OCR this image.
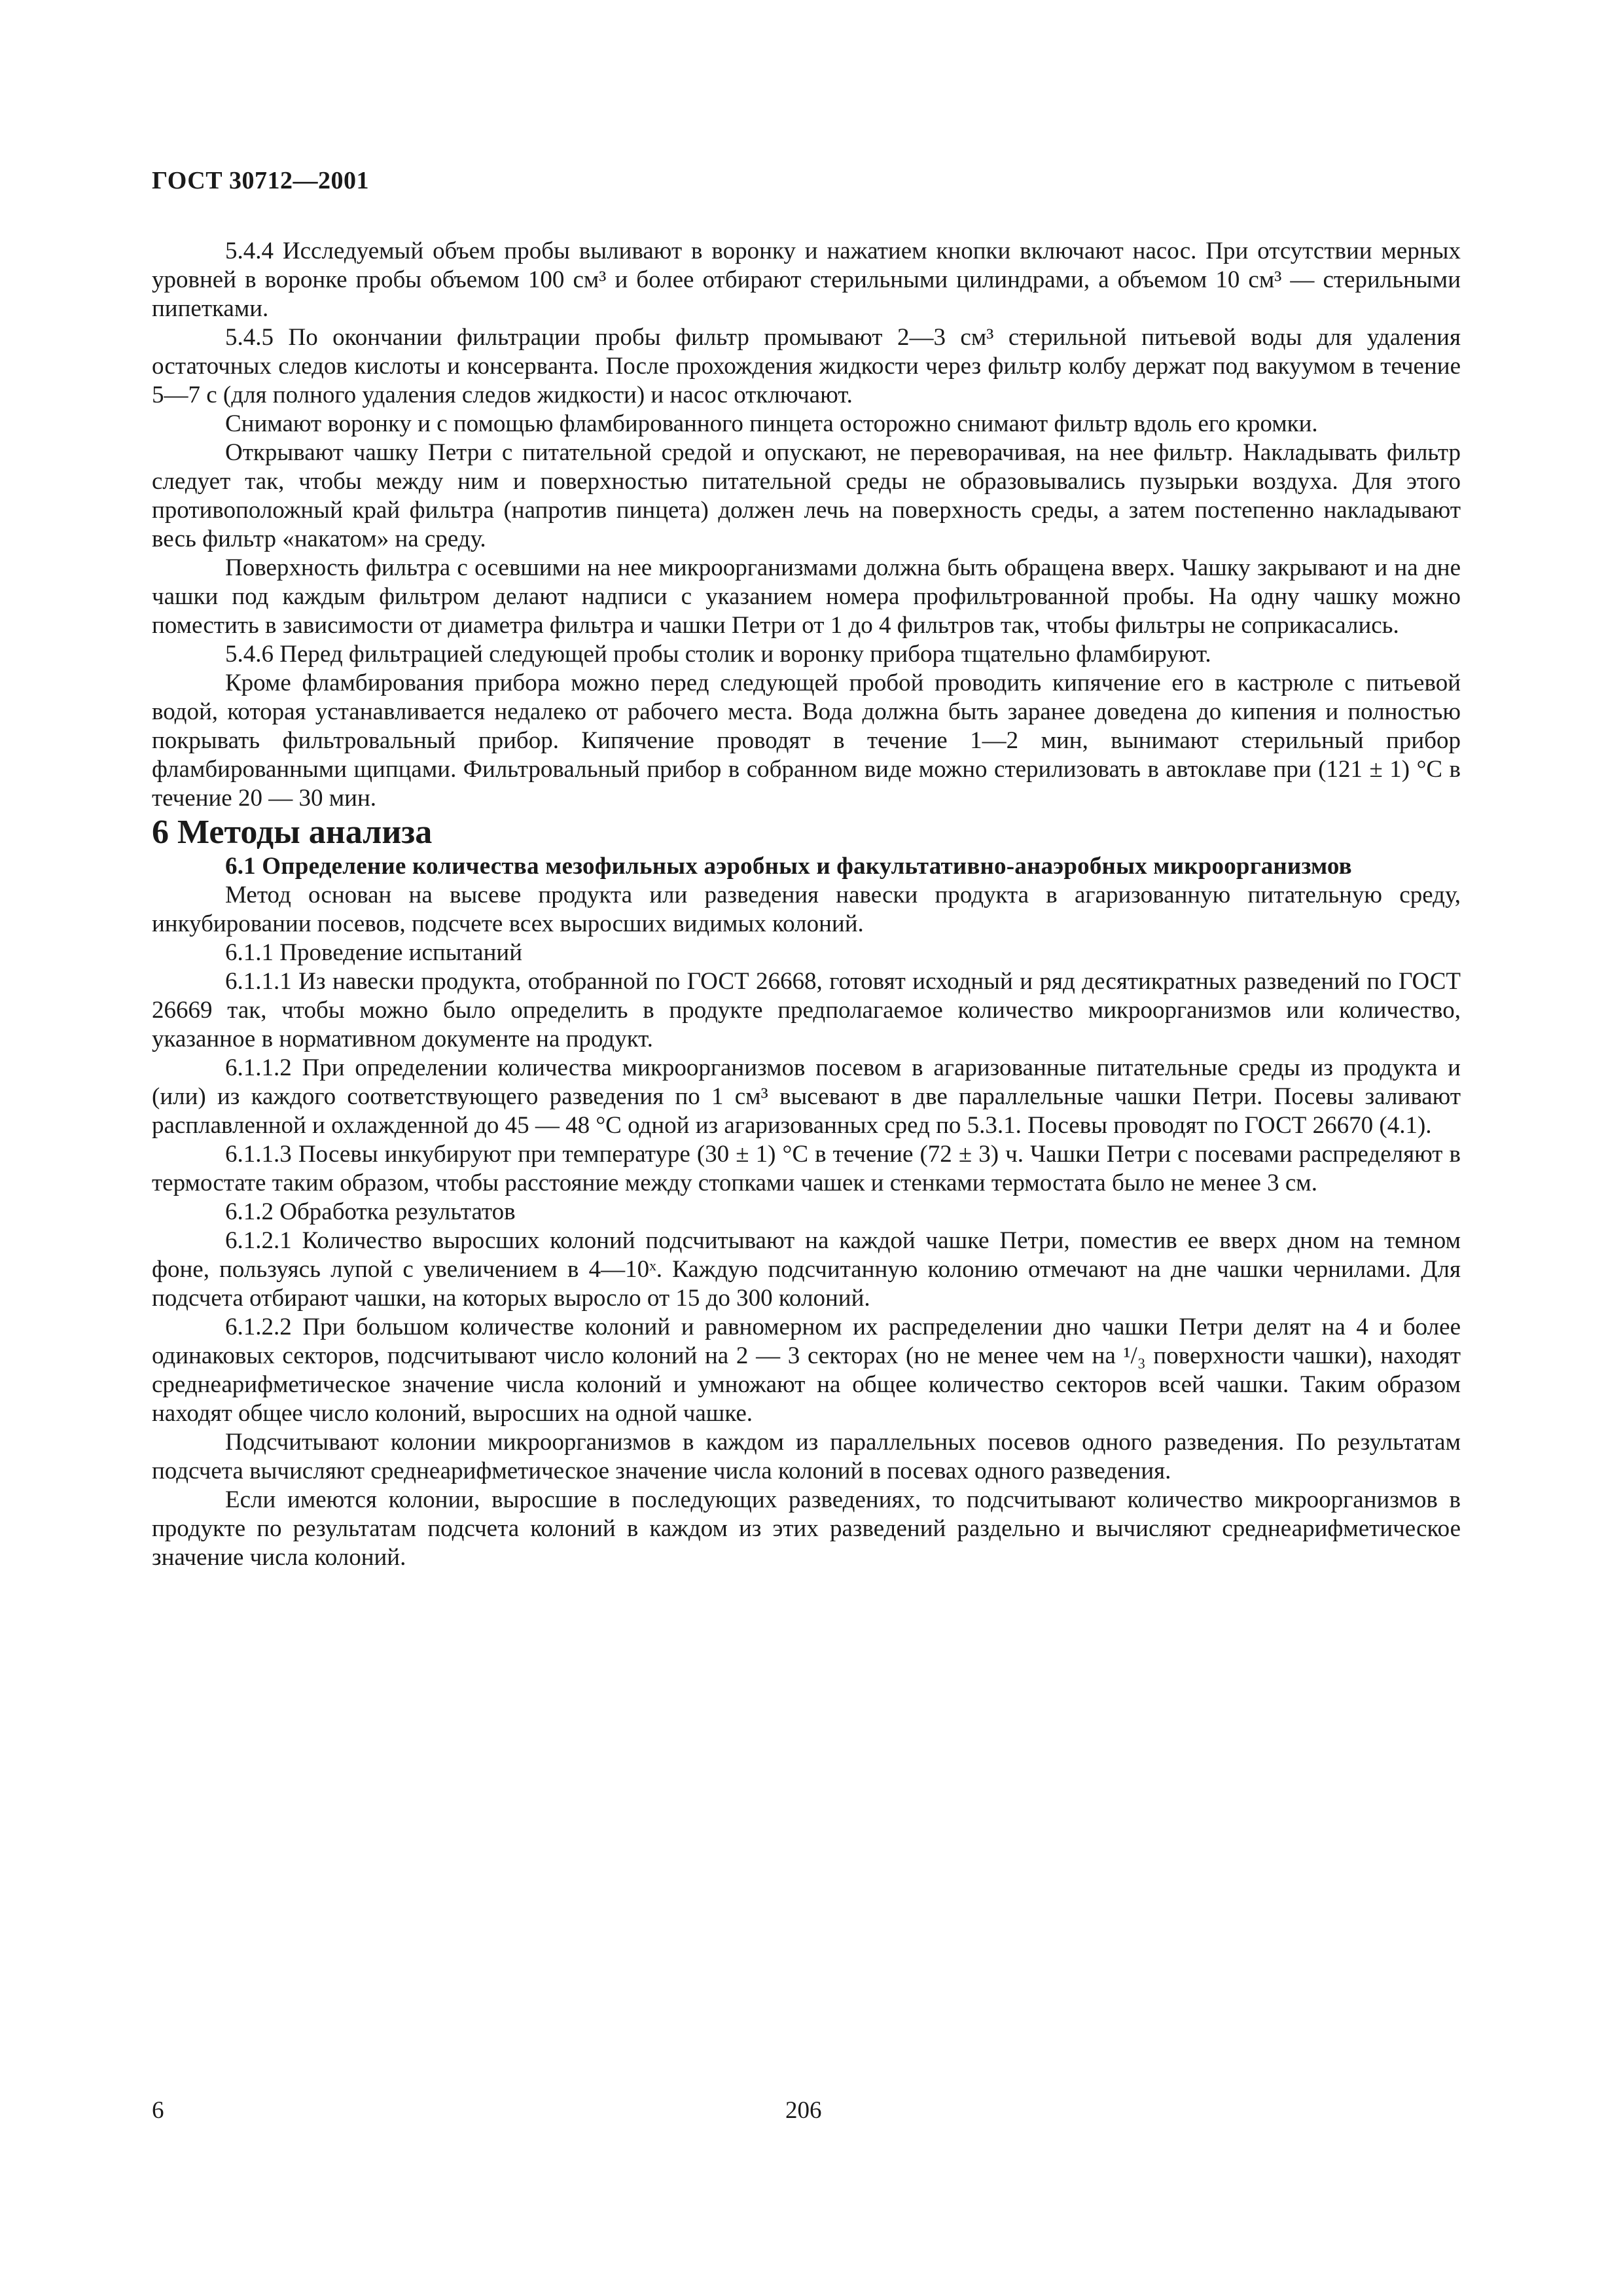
ГОСТ 30712—2001

5.4.4 Исследуемый объем пробы выливают в воронку и нажатием кнопки включают насос. При отсутствии мерных уровней в воронке пробы объемом 100 см³ и более отбирают стерильными цилиндрами, а объемом 10 см³ — стерильными пипетками.

5.4.5 По окончании фильтрации пробы фильтр промывают 2—3 см³ стерильной питьевой воды для удаления остаточных следов кислоты и консерванта. После прохождения жидкости через фильтр колбу держат под вакуумом в течение 5—7 с (для полного удаления следов жидкости) и насос отключают.

Снимают воронку и с помощью фламбированного пинцета осторожно снимают фильтр вдоль его кромки.

Открывают чашку Петри с питательной средой и опускают, не переворачивая, на нее фильтр. Накладывать фильтр следует так, чтобы между ним и поверхностью питательной среды не образовывались пузырьки воздуха. Для этого противоположный край фильтра (напротив пинцета) должен лечь на поверхность среды, а затем постепенно накладывают весь фильтр «накатом» на среду.

Поверхность фильтра с осевшими на нее микроорганизмами должна быть обращена вверх. Чашку закрывают и на дне чашки под каждым фильтром делают надписи с указанием номера профильтрованной пробы. На одну чашку можно поместить в зависимости от диаметра фильтра и чашки Петри от 1 до 4 фильтров так, чтобы фильтры не соприкасались.

5.4.6 Перед фильтрацией следующей пробы столик и воронку прибора тщательно фламбируют.

Кроме фламбирования прибора можно перед следующей пробой проводить кипячение его в кастрюле с питьевой водой, которая устанавливается недалеко от рабочего места. Вода должна быть заранее доведена до кипения и полностью покрывать фильтровальный прибор. Кипячение проводят в течение 1—2 мин, вынимают стерильный прибор фламбированными щипцами. Фильтровальный прибор в собранном виде можно стерилизовать в автоклаве при (121 ± 1) °С в течение 20 — 30 мин.

6 Методы анализа

6.1 Определение количества мезофильных аэробных и факультативно-анаэробных микроорганизмов

Метод основан на высеве продукта или разведения навески продукта в агаризованную питательную среду, инкубировании посевов, подсчете всех выросших видимых колоний.

6.1.1 Проведение испытаний

6.1.1.1 Из навески продукта, отобранной по ГОСТ 26668, готовят исходный и ряд десятикратных разведений по ГОСТ 26669 так, чтобы можно было определить в продукте предполагаемое количество микроорганизмов или количество, указанное в нормативном документе на продукт.

6.1.1.2 При определении количества микроорганизмов посевом в агаризованные питательные среды из продукта и (или) из каждого соответствующего разведения по 1 см³ высевают в две параллельные чашки Петри. Посевы заливают расплавленной и охлажденной до 45 — 48 °С одной из агаризованных сред по 5.3.1. Посевы проводят по ГОСТ 26670 (4.1).

6.1.1.3 Посевы инкубируют при температуре (30 ± 1) °С в течение (72 ± 3) ч. Чашки Петри с посевами распределяют в термостате таким образом, чтобы расстояние между стопками чашек и стенками термостата было не менее 3 см.

6.1.2 Обработка результатов

6.1.2.1 Количество выросших колоний подсчитывают на каждой чашке Петри, поместив ее вверх дном на темном фоне, пользуясь лупой с увеличением в 4—10ˣ. Каждую подсчитанную колонию отмечают на дне чашки чернилами. Для подсчета отбирают чашки, на которых выросло от 15 до 300 колоний.

6.1.2.2 При большом количестве колоний и равномерном их распределении дно чашки Петри делят на 4 и более одинаковых секторов, подсчитывают число колоний на 2 — 3 секторах (но не менее чем на ¹/₃ поверхности чашки), находят среднеарифметическое значение числа колоний и умножают на общее количество секторов всей чашки. Таким образом находят общее число колоний, выросших на одной чашке.

Подсчитывают колонии микроорганизмов в каждом из параллельных посевов одного разведения. По результатам подсчета вычисляют среднеарифметическое значение числа колоний в посевах одного разведения.

Если имеются колонии, выросшие в последующих разведениях, то подсчитывают количество микроорганизмов в продукте по результатам подсчета колоний в каждом из этих разведений раздельно и вычисляют среднеарифметическое значение числа колоний.

6	206
